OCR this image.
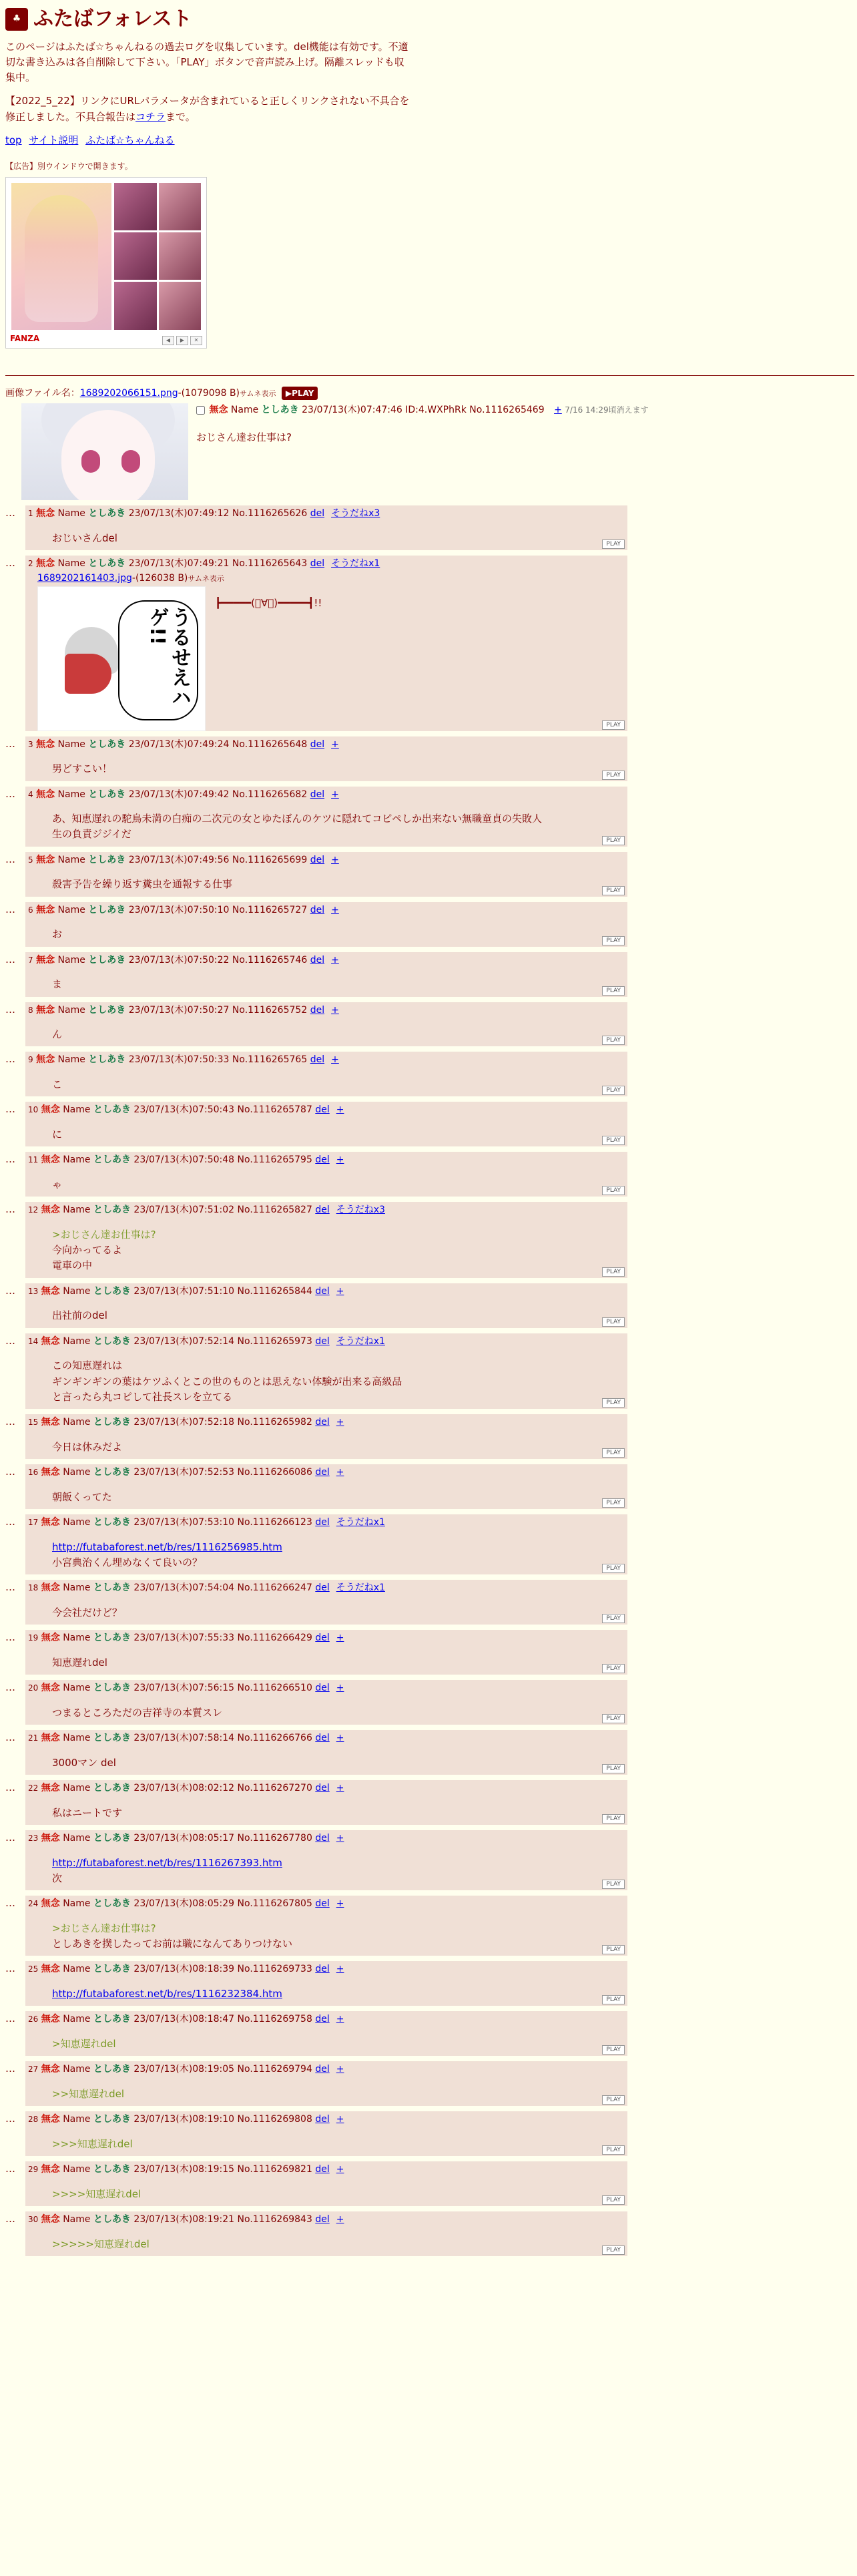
♣ ふたばフォレスト

このページはふたば☆ちゃんねるの過去ログを収集しています。del機能は有効です。不適切な書き込みは各自削除して下さい。「PLAY」ボタンで音声読み上げ。隔離スレッドも収集中。

【2022_5_22】リンクにURLパラメータが含まれていると正しくリンクされない不具合を修正しました。不具合報告はコチラまで。

top サイト説明 ふたば☆ちゃんねる
【広告】別ウインドウで開きます。
FANZA	◀	▶	✕
画像ファイル名：1689202066151.png-(1079098 B)サムネ表示 ▶PLAY
無念 Name としあき 23/07/13(木)07:47:46 ID:4.WXPhRk No.1116265469 + 7/16 14:29頃消えます
おじさん達お仕事は?
…	1 無念 Name としあき 23/07/13(木)07:49:12 No.1116265626 del そうだねx3
おじいさんdel
PLAY
…	2 無念 Name としあき 23/07/13(木)07:49:21 No.1116265643 del そうだねx1
1689202161403.jpg-(126038 B)サムネ表示
うるせえハゲ!!
┣━━━━━(ﾟ∀ﾟ)━━━━━┫!!
PLAY
…	3 無念 Name としあき 23/07/13(木)07:49:24 No.1116265648 del +
男どすこい！
PLAY
…	4 無念 Name としあき 23/07/13(木)07:49:42 No.1116265682 del +
あ、知恵遅れの駝鳥未満の白痴の二次元の女とゆたぼんのケツに隠れてコピペしか出来ない無職童貞の失敗人
生の負責ジジイだ
PLAY
…	5 無念 Name としあき 23/07/13(木)07:49:56 No.1116265699 del +
殺害予告を繰り返す糞虫を通報する仕事
PLAY
…	6 無念 Name としあき 23/07/13(木)07:50:10 No.1116265727 del +
お
PLAY
…	7 無念 Name としあき 23/07/13(木)07:50:22 No.1116265746 del +
ま
PLAY
…	8 無念 Name としあき 23/07/13(木)07:50:27 No.1116265752 del +
ん
PLAY
…	9 無念 Name としあき 23/07/13(木)07:50:33 No.1116265765 del +
こ
PLAY
…	10 無念 Name としあき 23/07/13(木)07:50:43 No.1116265787 del +
に
PLAY
…	11 無念 Name としあき 23/07/13(木)07:50:48 No.1116265795 del +
ゃ
PLAY
…	12 無念 Name としあき 23/07/13(木)07:51:02 No.1116265827 del そうだねx3
>おじさん達お仕事は?
今向かってるよ
電車の中
PLAY
…	13 無念 Name としあき 23/07/13(木)07:51:10 No.1116265844 del +
出社前のdel
PLAY
…	14 無念 Name としあき 23/07/13(木)07:52:14 No.1116265973 del そうだねx1
この知恵遅れは
ギンギンギンの葉はケツふくとこの世のものとは思えない体験が出来る高級品
と言ったら丸コピして社長スレを立てる
PLAY
…	15 無念 Name としあき 23/07/13(木)07:52:18 No.1116265982 del +
今日は休みだよ
PLAY
…	16 無念 Name としあき 23/07/13(木)07:52:53 No.1116266086 del +
朝飯くってた
PLAY
…	17 無念 Name としあき 23/07/13(木)07:53:10 No.1116266123 del そうだねx1
http://futabaforest.net/b/res/1116256985.htm
小宮典治くん埋めなくて良いの？
PLAY
…	18 無念 Name としあき 23/07/13(木)07:54:04 No.1116266247 del そうだねx1
今会社だけど？
PLAY
…	19 無念 Name としあき 23/07/13(木)07:55:33 No.1116266429 del +
知恵遅れdel
PLAY
…	20 無念 Name としあき 23/07/13(木)07:56:15 No.1116266510 del +
つまるところただの吉祥寺の本質スレ
PLAY
…	21 無念 Name としあき 23/07/13(木)07:58:14 No.1116266766 del +
3000マン del
PLAY
…	22 無念 Name としあき 23/07/13(木)08:02:12 No.1116267270 del +
私はニートです
PLAY
…	23 無念 Name としあき 23/07/13(木)08:05:17 No.1116267780 del +
http://futabaforest.net/b/res/1116267393.htm
次
PLAY
…	24 無念 Name としあき 23/07/13(木)08:05:29 No.1116267805 del +
>おじさん達お仕事は?
としあきを撲したってお前は職になんてありつけない
PLAY
…	25 無念 Name としあき 23/07/13(木)08:18:39 No.1116269733 del +
http://futabaforest.net/b/res/1116232384.htm
PLAY
…	26 無念 Name としあき 23/07/13(木)08:18:47 No.1116269758 del +
>知恵遅れdel
PLAY
…	27 無念 Name としあき 23/07/13(木)08:19:05 No.1116269794 del +
>>知恵遅れdel
PLAY
…	28 無念 Name としあき 23/07/13(木)08:19:10 No.1116269808 del +
>>>知恵遅れdel
PLAY
…	29 無念 Name としあき 23/07/13(木)08:19:15 No.1116269821 del +
>>>>知恵遅れdel
PLAY
…	30 無念 Name としあき 23/07/13(木)08:19:21 No.1116269843 del +
>>>>>知恵遅れdel
PLAY
